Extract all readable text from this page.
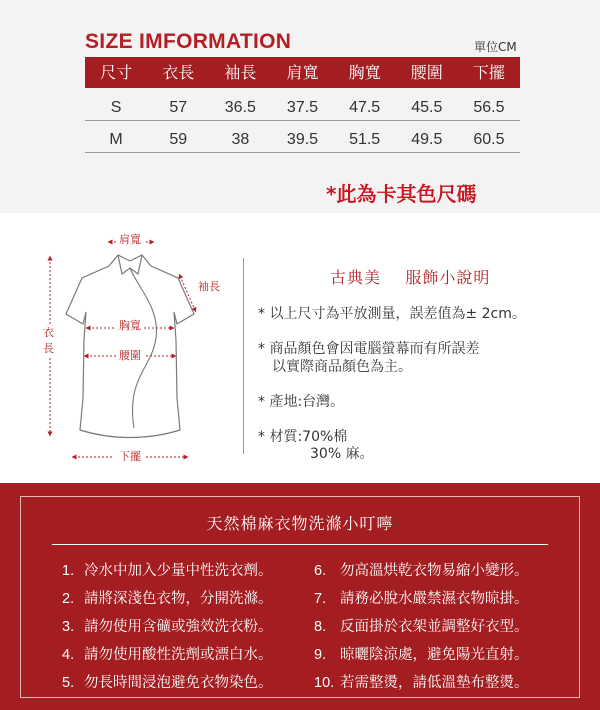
SIZE IMFORMATION	單位CM
尺寸	衣長	袖長	肩寬	胸寬	腰圍	下擺
S	57	36.5	37.5	47.5	45.5	56.5
M	59	38	39.5	51.5	49.5	60.5
*此為卡其色尺碼
肩寬
袖長
胸寬
腰圍
衣
長
下擺
古典美 服飾小說明
* 以上尺寸為平放測量，誤差值為± 2cm。
* 商品顏色會因電腦螢幕而有所誤差
以實際商品顏色為主。
* 產地:台灣。
* 材質:70%棉
30% 麻。
天然棉麻衣物洗滌小叮嚀
1. 冷水中加入少量中性洗衣劑。
2. 請將深淺色衣物，分開洗滌。
3. 請勿使用含礦或強效洗衣粉。
4. 請勿使用酸性洗劑或漂白水。
5. 勿長時間浸泡避免衣物染色。
6. 勿高溫烘乾衣物易縮小變形。
7. 請務必脫水嚴禁濕衣物晾掛。
8. 反面掛於衣架並調整好衣型。
9. 晾曬陰涼處，避免陽光直射。
10. 若需整燙，請低溫墊布整燙。
